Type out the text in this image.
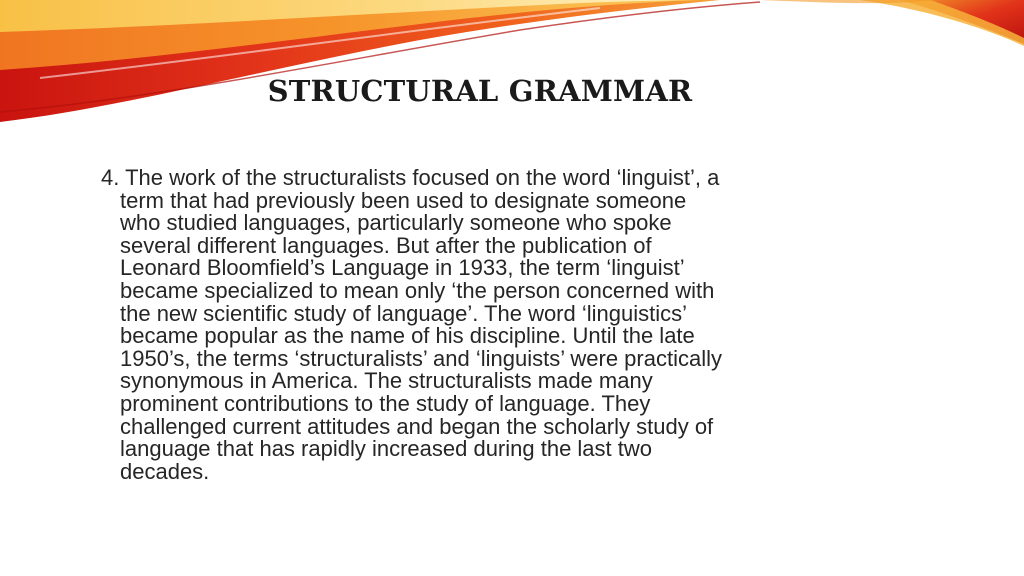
STRUCTURAL GRAMMAR
4. The work of the structuralists focused on the word ‘linguist’, a
term that had previously been used to designate someone
who studied languages, particularly someone who spoke
several different languages. But after the publication of
Leonard Bloomfield’s Language in 1933, the term ‘linguist’
became specialized to mean only ‘the person concerned with
the new scientific study of language’. The word ‘linguistics’
became popular as the name of his discipline. Until the late
1950’s, the terms ‘structuralists’ and ‘linguists’ were practically
synonymous in America. The structuralists made many
prominent contributions to the study of language. They
challenged current attitudes and began the scholarly study of
language that has rapidly increased during the last two
decades.
